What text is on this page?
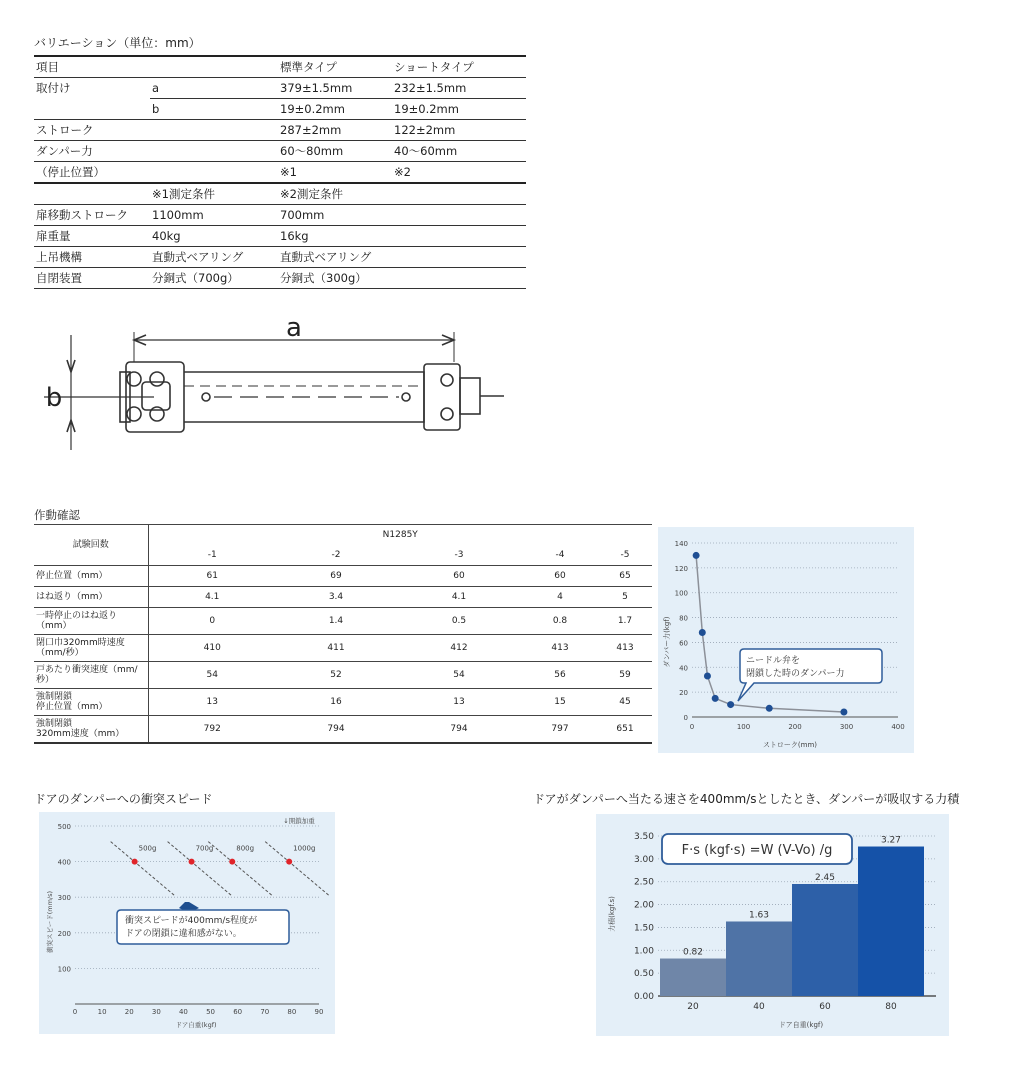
バリエーション（単位：mm）
項目		標準タイプ	ショートタイプ
取付け	a	379±1.5mm	232±1.5mm
	b	19±0.2mm	19±0.2mm
ストローク		287±2mm	122±2mm
ダンパー力		60～80mm	40～60mm
（停止位置）		※1	※2
	※1測定条件	※2測定条件	
扉移動ストローク	1100mm	700mm	
扉重量	40kg	16kg	
上吊機構	直動式ベアリング	直動式ベアリング	
自閉装置	分銅式（700g）	分銅式（300g）	
a
b
作動確認
試験回数	N1285Y				
	-1	-2	-3	-4	-5
停止位置（mm）	61	69	60	60	65
はね返り（mm）	4.1	3.4	4.1	4	5
一時停止のはね返り（mm）	0	1.4	0.5	0.8	1.7
閉口巾320mm時速度（mm/秒）	410	411	412	413	413
戸あたり衝突速度（mm/秒）	54	52	54	56	59
強制閉鎖
停止位置（mm）	13	16	13	15	45
強制閉鎖
320mm速度（mm）	792	794	794	797	651
0
20
40
60
80
100
120
140
0	100	200	300	400
ストローク(mm)
ダンパー力(kgf)	ニードル弁を
閉鎖した時のダンパー力
ドアのダンパーへの衝突スピード
500g	700g	800g	1000g
100
200
300
400
500
0	10	20	30	40	50	60	70	80	90
↓開鎖加重
ドア自重(kgf)
衝突スピード(mm/s)	衝突スピードが400mm/s程度が
ドアの閉鎖に違和感がない。
ドアがダンパーへ当たる速さを400mm/sとしたとき、ダンパーが吸収する力積
0.82
1.63
2.45
3.27
0.00
0.50
1.00
1.50
2.00
2.50
3.00
3.50
20	40	60	80
ドア自重(kgf)
力積(kgf.s)
F·s (kgf·s) =W (V-Vo) /g
